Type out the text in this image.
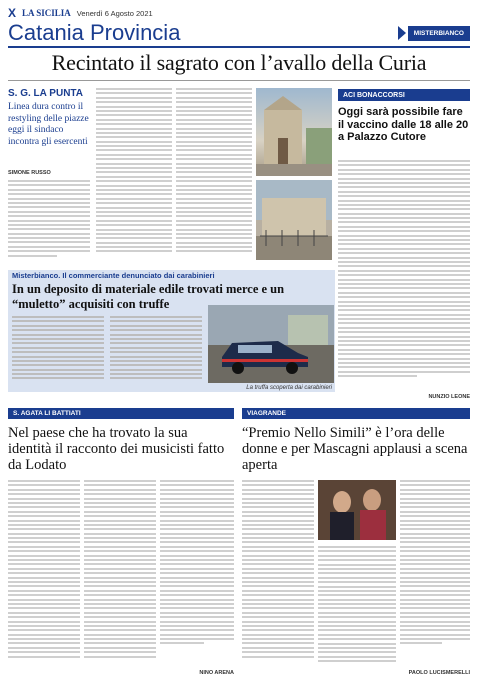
X LA SICILIA Venerdì 6 Agosto 2021
Catania Provincia	MISTERBIANCO
Recintato il sagrato con l’avallo della Curia
S. G. LA PUNTA
Linea dura contro il restyling delle piazze eggi il sindaco incontra gli esercenti
SIMONE RUSSO
ACI BONACCORSI
Oggi sarà possibile fare il vaccino dalle 18 alle 20 a Palazzo Cutore
NUNZIO LEONE
Misterbianco. Il commerciante denunciato dai carabinieri
In un deposito di materiale edile trovati merce e un “muletto” acquisiti con truffe
La truffa scoperta dai carabinieri
S. AGATA LI BATTIATI
Nel paese che ha trovato la sua identità il racconto dei musicisti fatto da Lodato
NINO ARENA
VIAGRANDE
“Premio Nello Simili” è l’ora delle donne e per Mascagni applausi a scena aperta
PAOLO LUCISMERELLI
